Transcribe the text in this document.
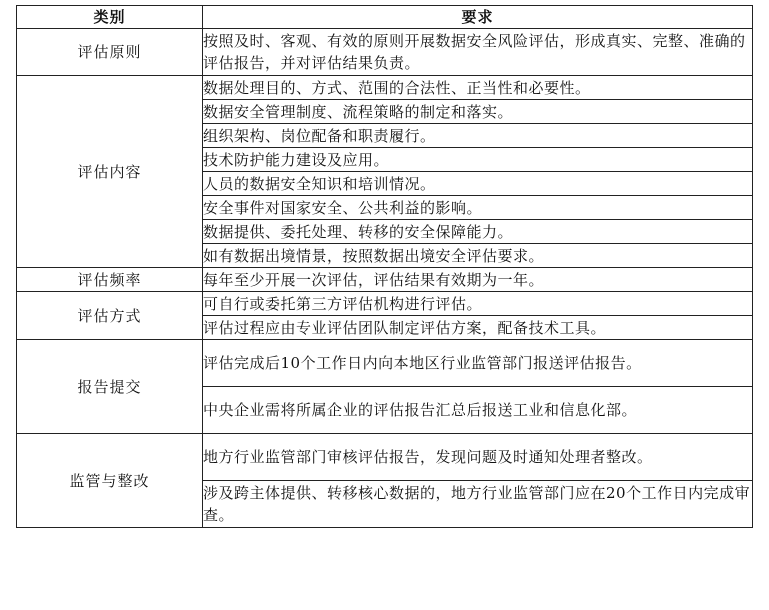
类别	要求
评估原则	按照及时、客观、有效的原则开展数据安全风险评估，形成真实、完整、准确的评估报告，并对评估结果负责。
评估内容	数据处理目的、方式、范围的合法性、正当性和必要性。
	数据安全管理制度、流程策略的制定和落实。
	组织架构、岗位配备和职责履行。
	技术防护能力建设及应用。
	人员的数据安全知识和培训情况。
	安全事件对国家安全、公共利益的影响。
	数据提供、委托处理、转移的安全保障能力。
	如有数据出境情景，按照数据出境安全评估要求。
评估频率	每年至少开展一次评估，评估结果有效期为一年。
评估方式	可自行或委托第三方评估机构进行评估。
	评估过程应由专业评估团队制定评估方案，配备技术工具。
报告提交	评估完成后10个工作日内向本地区行业监管部门报送评估报告。
	中央企业需将所属企业的评估报告汇总后报送工业和信息化部。
监管与整改	地方行业监管部门审核评估报告，发现问题及时通知处理者整改。
	涉及跨主体提供、转移核心数据的，地方行业监管部门应在20个工作日内完成审查。
